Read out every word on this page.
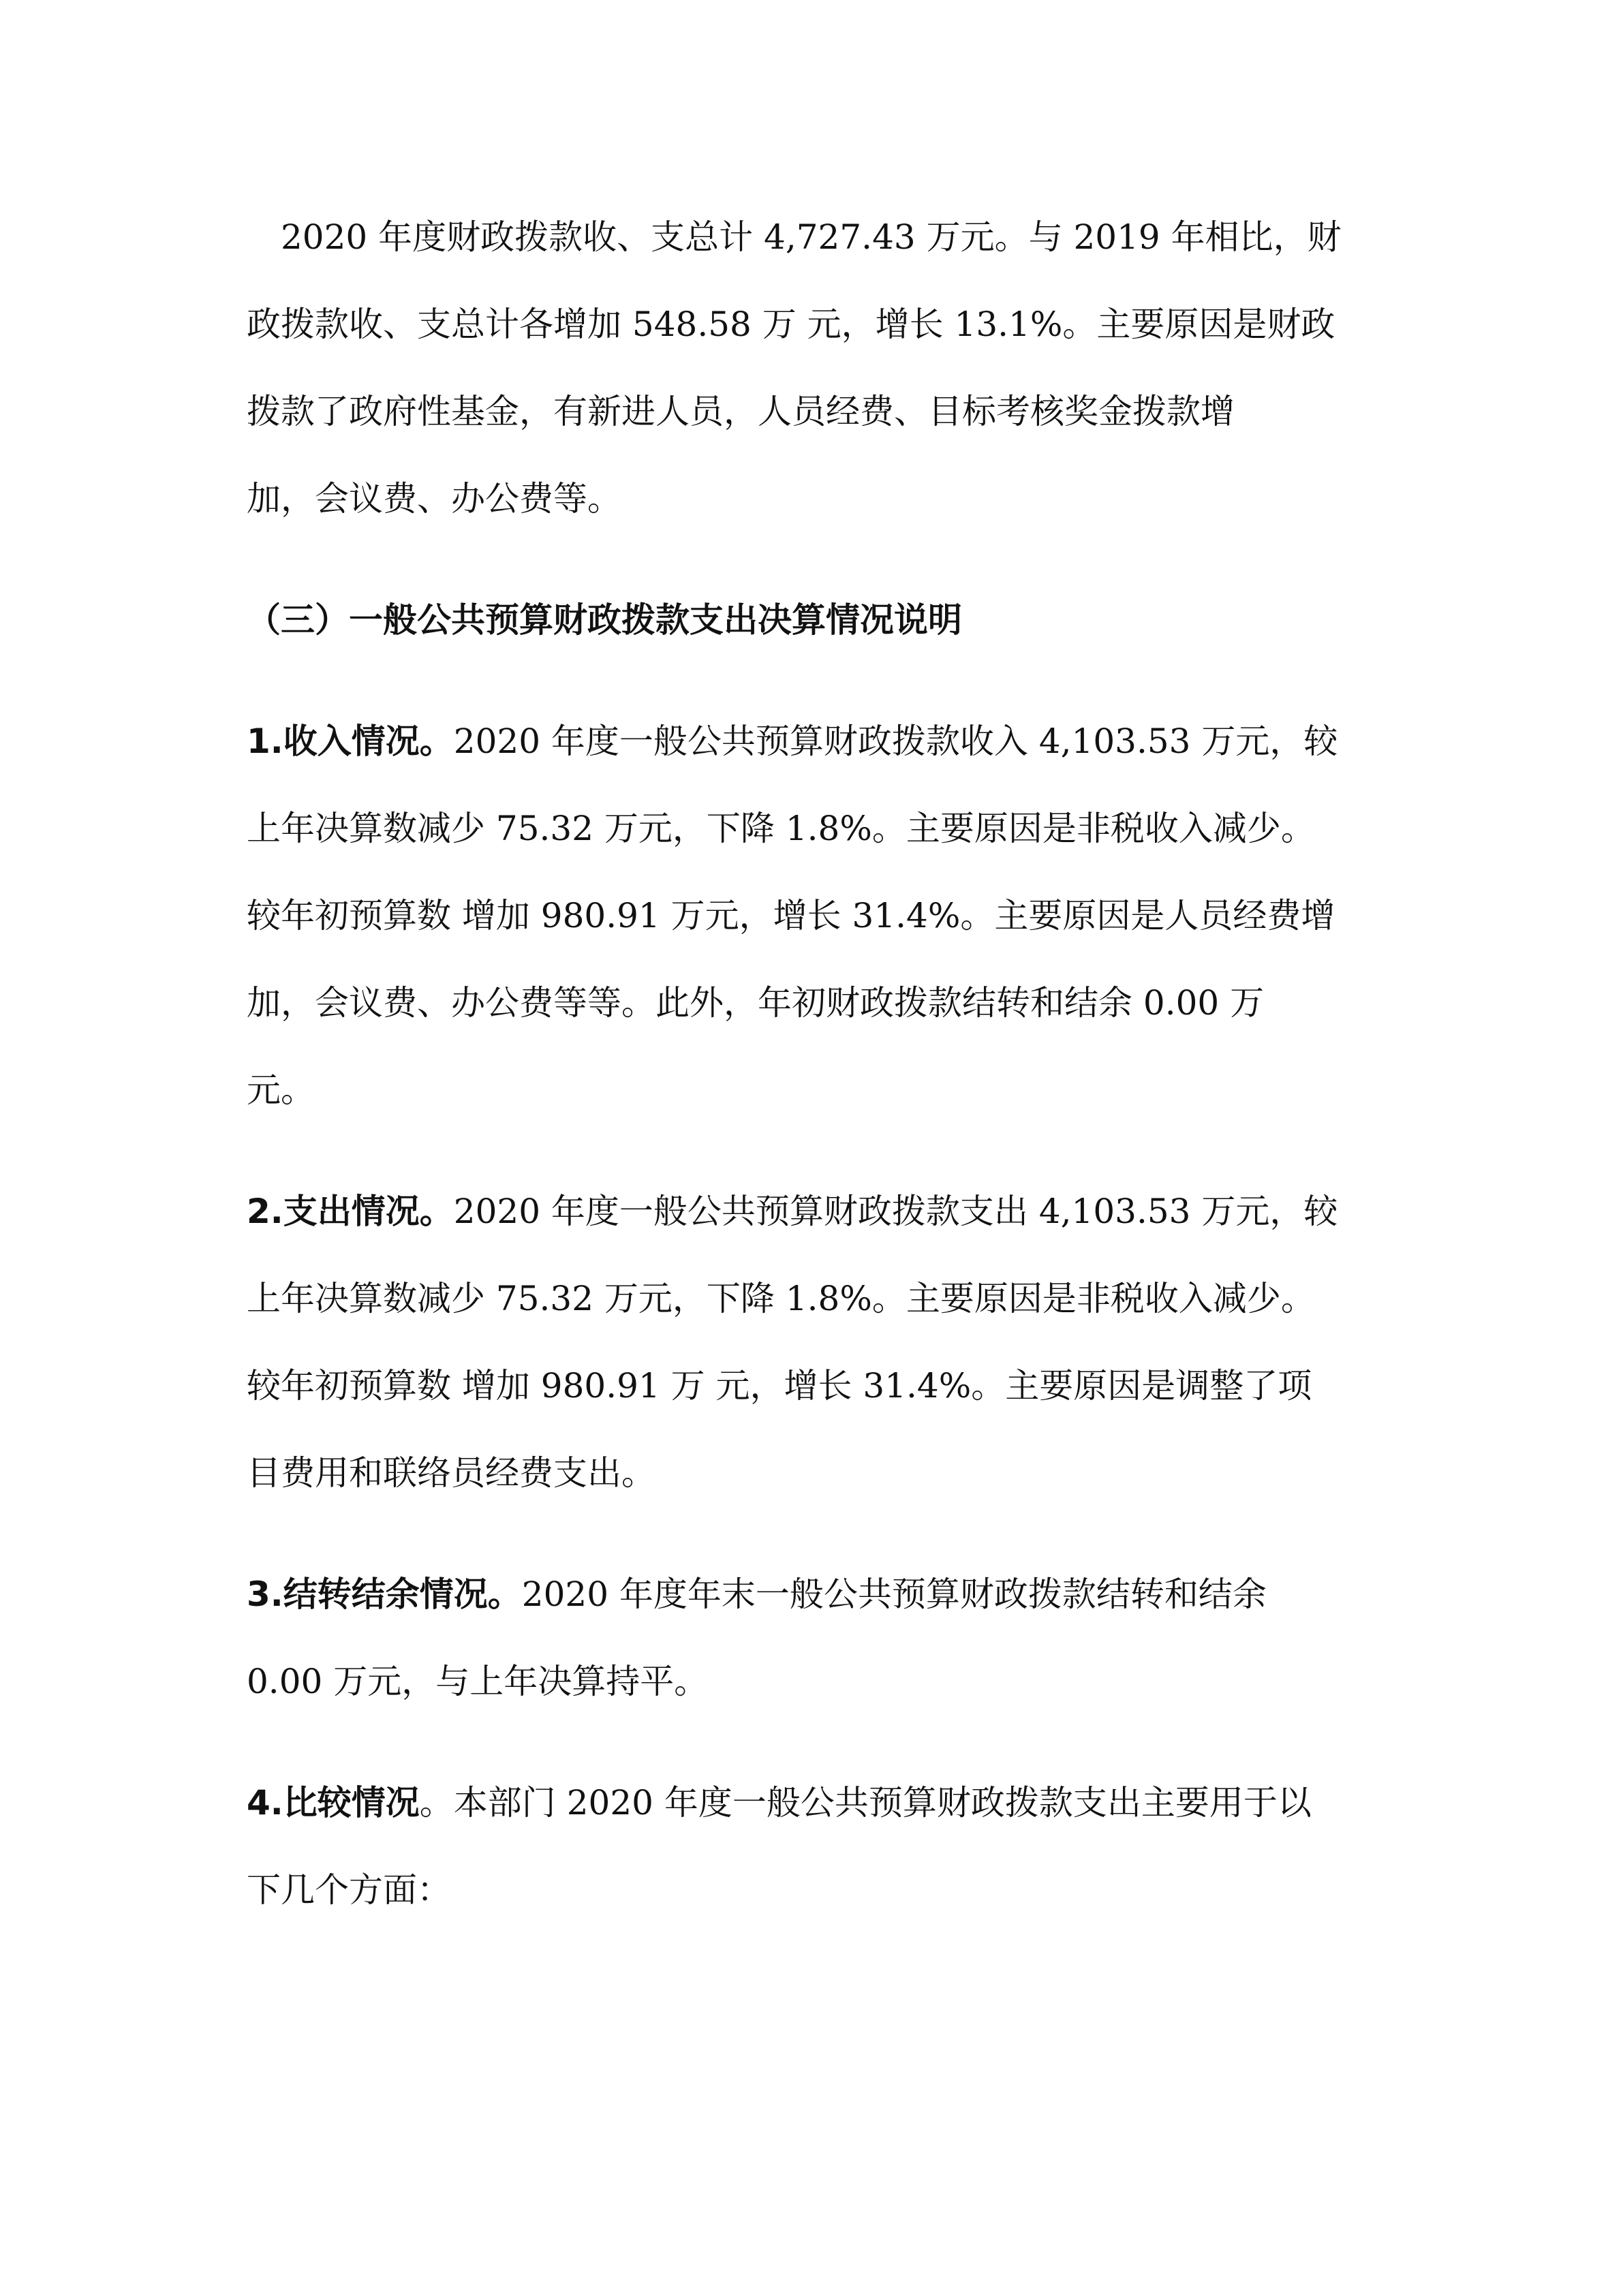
2020 年度财政拨款收、支总计 4,727.43 万元。与 2019 年相比，财

政拨款收、支总计各增加 548.58 万 元，增长 13.1%。主要原因是财政

拨款了政府性基金，有新进人员，人员经费、目标考核奖金拨款增

加，会议费、办公费等。

（三）一般公共预算财政拨款支出决算情况说明

1.收入情况。2020 年度一般公共预算财政拨款收入 4,103.53 万元，较

上年决算数减少 75.32 万元，下降 1.8%。主要原因是非税收入减少。

较年初预算数 增加 980.91 万元，增长 31.4%。主要原因是人员经费增

加，会议费、办公费等等。此外，年初财政拨款结转和结余 0.00 万

元。

2.支出情况。2020 年度一般公共预算财政拨款支出 4,103.53 万元，较

上年决算数减少 75.32 万元，下降 1.8%。主要原因是非税收入减少。

较年初预算数 增加 980.91 万 元，增长 31.4%。主要原因是调整了项

目费用和联络员经费支出。

3.结转结余情况。2020 年度年末一般公共预算财政拨款结转和结余

0.00 万元，与上年决算持平。

4.比较情况。本部门 2020 年度一般公共预算财政拨款支出主要用于以

下几个方面：
